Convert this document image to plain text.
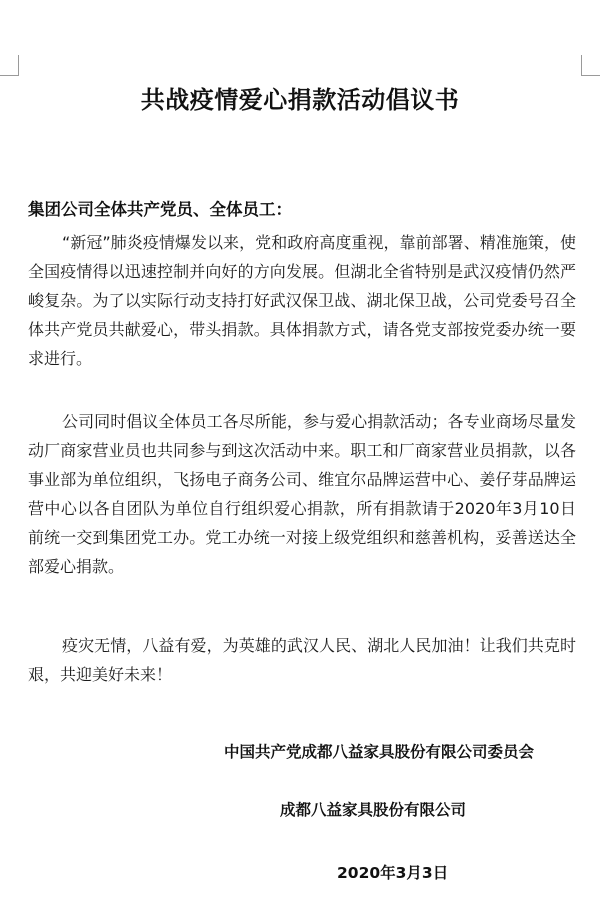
共战疫情爱心捐款活动倡议书
集团公司全体共产党员、全体员工：
“新冠”肺炎疫情爆发以来，党和政府高度重视，靠前部署、精准施策，使全国疫情得以迅速控制并向好的方向发展。但湖北全省特别是武汉疫情仍然严峻复杂。为了以实际行动支持打好武汉保卫战、湖北保卫战，公司党委号召全体共产党员共献爱心，带头捐款。具体捐款方式，请各党支部按党委办统一要求进行。
公司同时倡议全体员工各尽所能，参与爱心捐款活动；各专业商场尽量发动厂商家营业员也共同参与到这次活动中来。职工和厂商家营业员捐款，以各事业部为单位组织，飞扬电子商务公司、维宜尔品牌运营中心、姜仔芽品牌运营中心以各自团队为单位自行组织爱心捐款，所有捐款请于2020年3月10日前统一交到集团党工办。党工办统一对接上级党组织和慈善机构，妥善送达全部爱心捐款。
疫灾无情，八益有爱，为英雄的武汉人民、湖北人民加油！让我们共克时艰，共迎美好未来！
中国共产党成都八益家具股份有限公司委员会
成都八益家具股份有限公司
2020年3月3日
